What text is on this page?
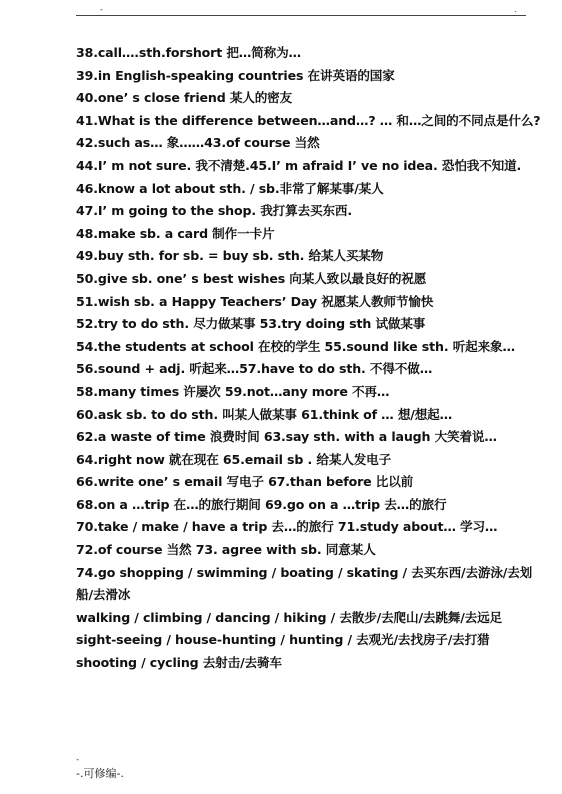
-	.
38.call….sth.forshort 把…简称为…
39.in English-speaking countries 在讲英语的国家
40.one’ s close friend 某人的密友
41.What is the difference between…and…? … 和…之间的不同点是什么?
42.such as… 象……43.of course 当然
44.I’ m not sure. 我不清楚.45.I’ m afraid I’ ve no idea. 恐怕我不知道.
46.know a lot about sth. / sb.非常了解某事/某人
47.I’ m going to the shop. 我打算去买东西.
48.make sb. a card 制作一卡片
49.buy sth. for sb. = buy sb. sth. 给某人买某物
50.give sb. one’ s best wishes 向某人致以最良好的祝愿
51.wish sb. a Happy Teachers’ Day 祝愿某人教师节愉快
52.try to do sth. 尽力做某事 53.try doing sth 试做某事
54.the students at school 在校的学生 55.sound like sth. 听起来象…
56.sound + adj. 听起来…57.have to do sth. 不得不做…
58.many times 许屡次 59.not…any more 不再…
60.ask sb. to do sth. 叫某人做某事 61.think of … 想/想起…
62.a waste of time 浪费时间 63.say sth. with a laugh 大笑着说…
64.right now 就在现在 65.email sb . 给某人发电子
66.write one’ s email 写电子 67.than before 比以前
68.on a …trip 在…的旅行期间 69.go on a …trip 去…的旅行
70.take / make / have a trip 去…的旅行 71.study about… 学习…
72.of course 当然 73. agree with sb. 同意某人
74.go shopping / swimming / boating / skating / 去买东西/去游泳/去划船/去滑冰
walking / climbing / dancing / hiking / 去散步/去爬山/去跳舞/去远足 sight-seeing / house-hunting / hunting / 去观光/去找房子/去打猎
shooting / cycling 去射击/去骑车
-
-.可修编-.
